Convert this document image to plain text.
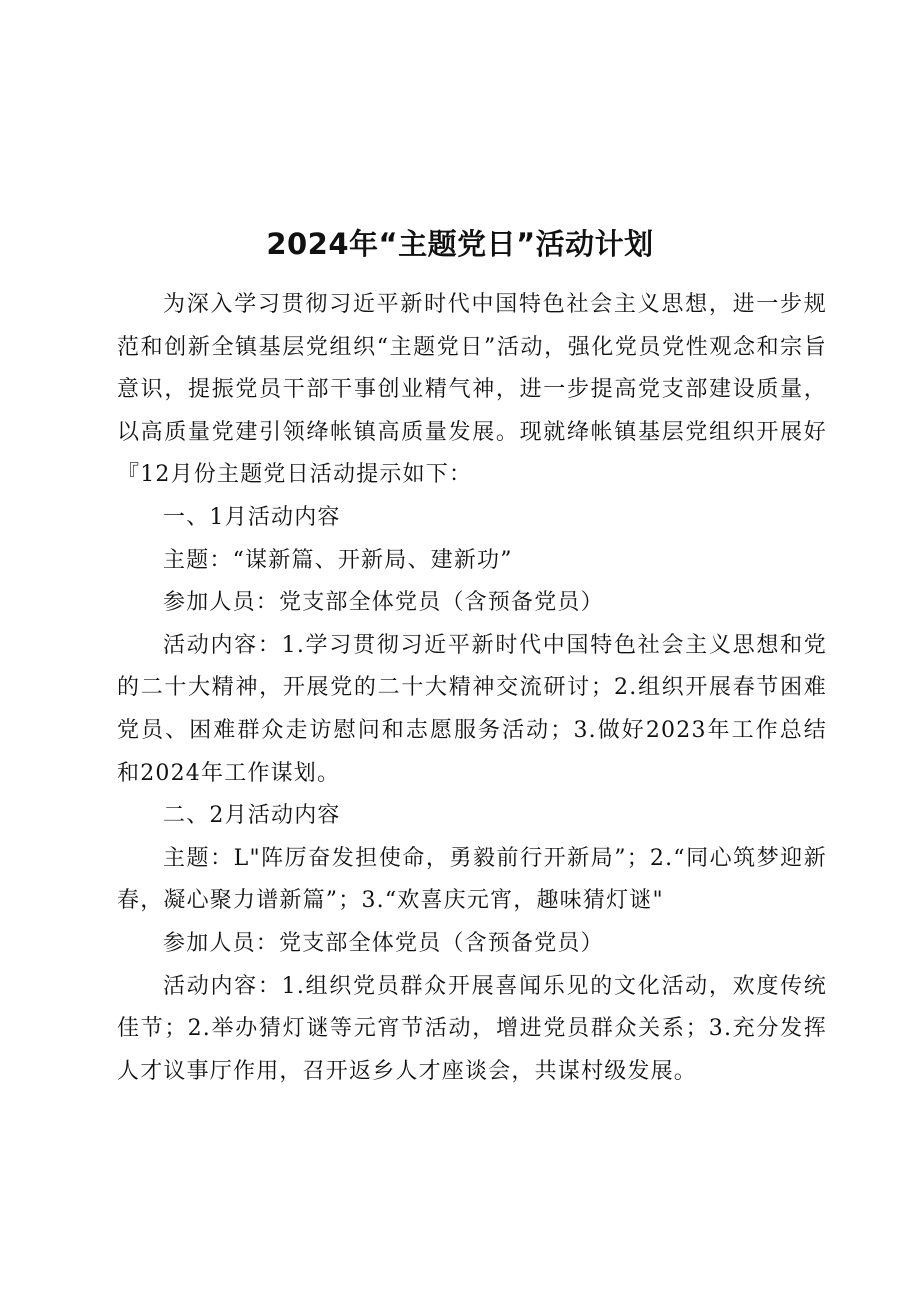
2024年“主题党日”活动计划

为深入学习贯彻习近平新时代中国特色社会主义思想，进一步规范和创新全镇基层党组织“主题党日”活动，强化党员党性观念和宗旨意识，提振党员干部干事创业精气神，进一步提高党支部建设质量，以高质量党建引领绛帐镇高质量发展。现就绛帐镇基层党组织开展好『12月份主题党日活动提示如下：

一、1月活动内容

主题：“谋新篇、开新局、建新功”

参加人员：党支部全体党员（含预备党员）

活动内容：1.学习贯彻习近平新时代中国特色社会主义思想和党的二十大精神，开展党的二十大精神交流研讨；2.组织开展春节困难党员、困难群众走访慰问和志愿服务活动；3.做好2023年工作总结和2024年工作谋划。

二、2月活动内容

主题：L"阵厉奋发担使命，勇毅前行开新局”；2.“同心筑梦迎新春，凝心聚力谱新篇”；3.“欢喜庆元宵，趣味猜灯谜"

参加人员：党支部全体党员（含预备党员）

活动内容：1.组织党员群众开展喜闻乐见的文化活动，欢度传统佳节；2.举办猜灯谜等元宵节活动，增进党员群众关系；3.充分发挥人才议事厅作用，召开返乡人才座谈会，共谋村级发展。
